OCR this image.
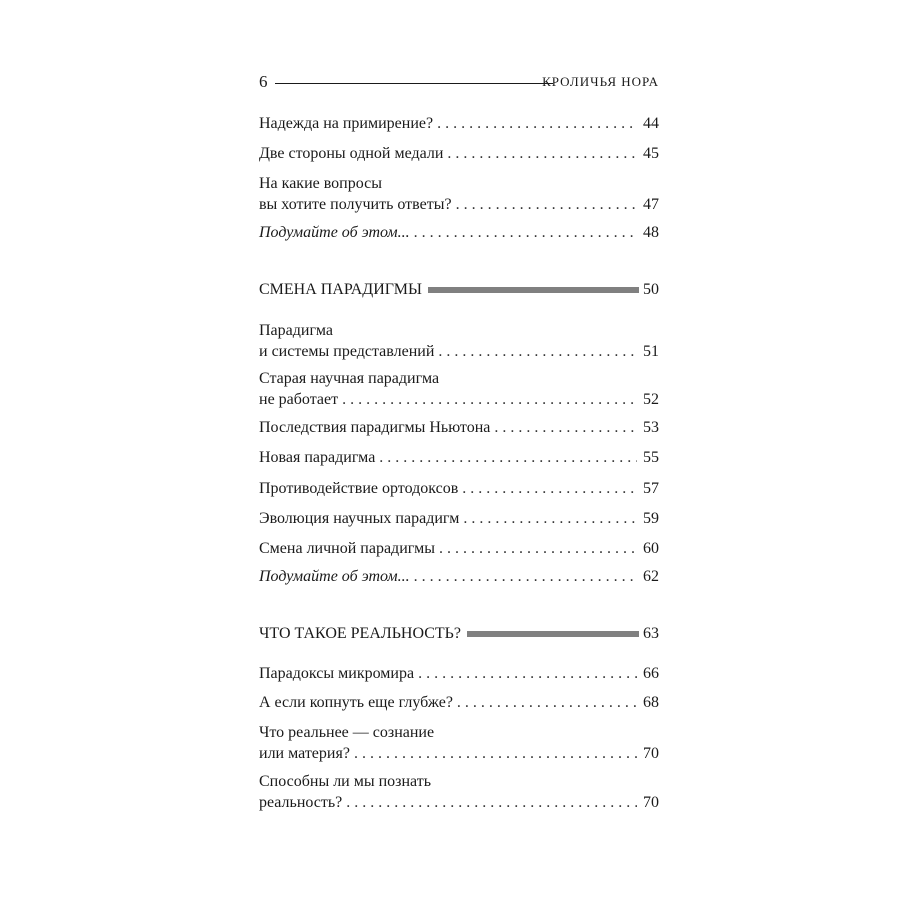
6	КРОЛИЧЬЯ НОРА
Надежда на примирение? . . .	44
Две стороны одной медали . . .	45
На какие вопросы
вы хотите получить ответы? . . .	47
Подумайте об этом... . . .	48
СМЕНА ПАРАДИГМЫ	50
Парадигма
и системы представлений . . .	51
Старая научная парадигма
не работает . . .	52
Последствия парадигмы Ньютона . . .	53
Новая парадигма . . .	55
Противодействие ортодоксов . . .	57
Эволюция научных парадигм . . .	59
Смена личной парадигмы . . .	60
Подумайте об этом... . . .	62
ЧТО ТАКОЕ РЕАЛЬНОСТЬ?	63
Парадоксы микромира . . .	66
А если копнуть еще глубже? . . .	68
Что реальнее — сознание
или материя? . . .	70
Способны ли мы познать
реальность? . . .	70
